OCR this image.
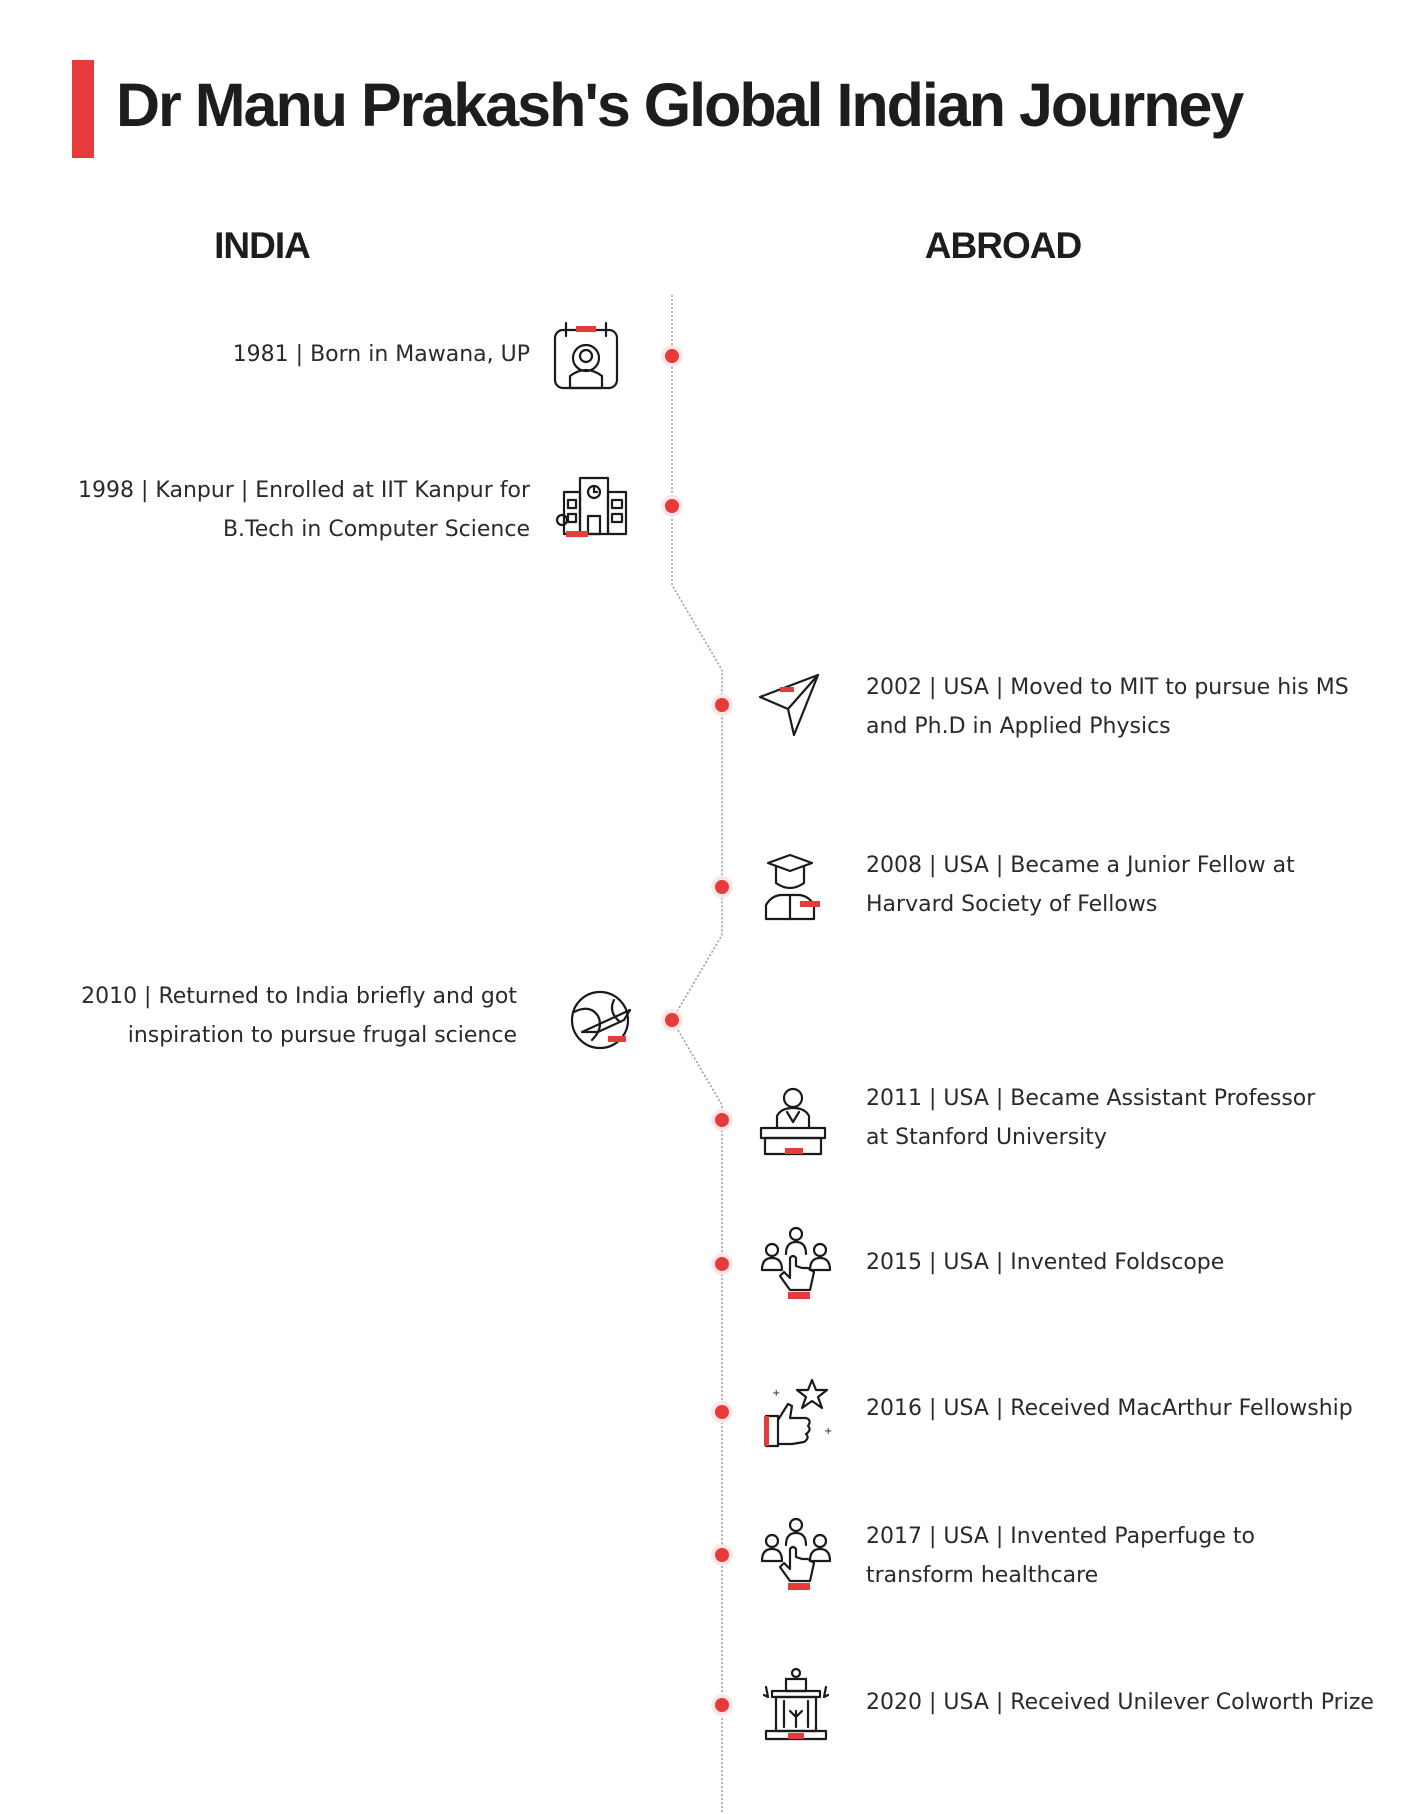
Dr Manu Prakash's Global Indian Journey
INDIA	ABROAD
1981 | Born in Mawana, UP
1998 | Kanpur | Enrolled at IIT Kanpur for
B.Tech in Computer Science
2002 | USA | Moved to MIT to pursue his MS
and Ph.D in Applied Physics
2008 | USA | Became a Junior Fellow at
Harvard Society of Fellows
2010 | Returned to India briefly and got
inspiration to pursue frugal science
2011 | USA | Became Assistant Professor
at Stanford University
2015 | USA | Invented Foldscope
2016 | USA | Received MacArthur Fellowship
+
+
2017 | USA | Invented Paperfuge to
transform healthcare
2020 | USA | Received Unilever Colworth Prize
